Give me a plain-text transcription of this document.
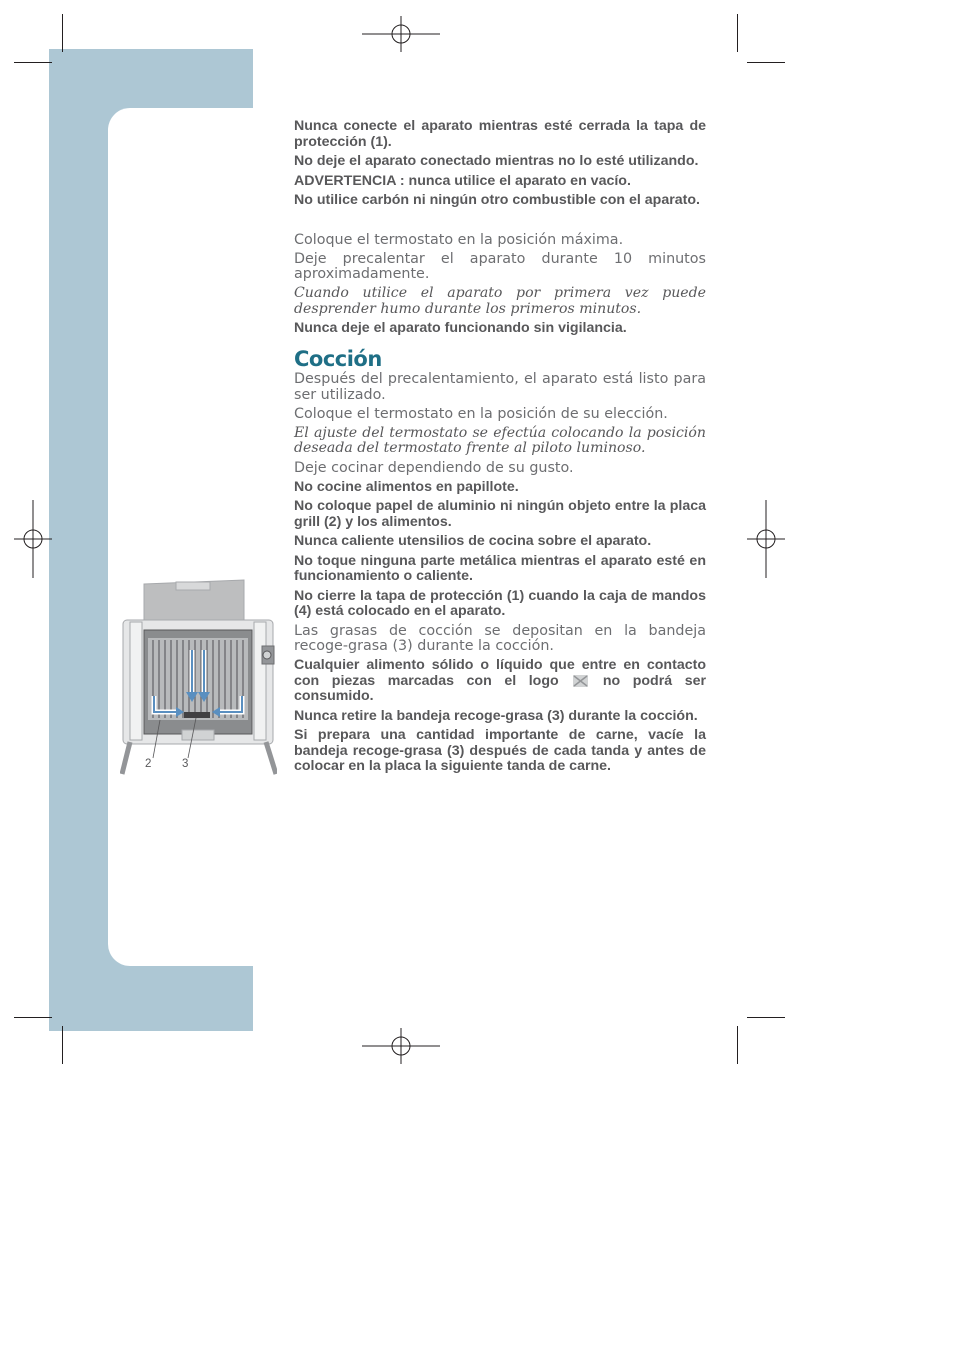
2	3

Nunca conecte el aparato mientras esté cerrada la tapa de protección (1).

No deje el aparato conectado mientras no lo esté utilizando.

ADVERTENCIA : nunca utilice el aparato en vacío.

No utilice carbón ni ningún otro combustible con el aparato.

Coloque el termostato en la posición máxima.

Deje precalentar el aparato durante 10 minutos aproximadamente.

Cuando utilice el aparato por primera vez puede desprender humo durante los primeros minutos.

Nunca deje el aparato funcionando sin vigilancia.

Cocción

Después del precalentamiento, el aparato está listo para ser utilizado.

Coloque el termostato en la posición de su elección.

El ajuste del termostato se efectúa colocando la posición deseada del termostato frente al piloto luminoso.

Deje cocinar dependiendo de su gusto.

No cocine alimentos en papillote.

No coloque papel de aluminio ni ningún objeto entre la placa grill (2) y los alimentos.

Nunca caliente utensilios de cocina sobre el aparato.

No toque ninguna parte metálica mientras el aparato esté en funcionamiento o caliente.

No cierre la tapa de protección (1) cuando la caja de mandos (4) está colocado en el aparato.

Las grasas de cocción se depositan en la bandeja recoge-grasa (3) durante la cocción.

Cualquier alimento sólido o líquido que entre en contacto con piezas marcadas con el logo	no podrá ser consumido.

Nunca retire la bandeja recoge-grasa (3) durante la cocción.

Si prepara una cantidad importante de carne, vacíe la bandeja recoge-grasa (3) después de cada tanda y antes de colocar en la placa la siguiente tanda de carne.
